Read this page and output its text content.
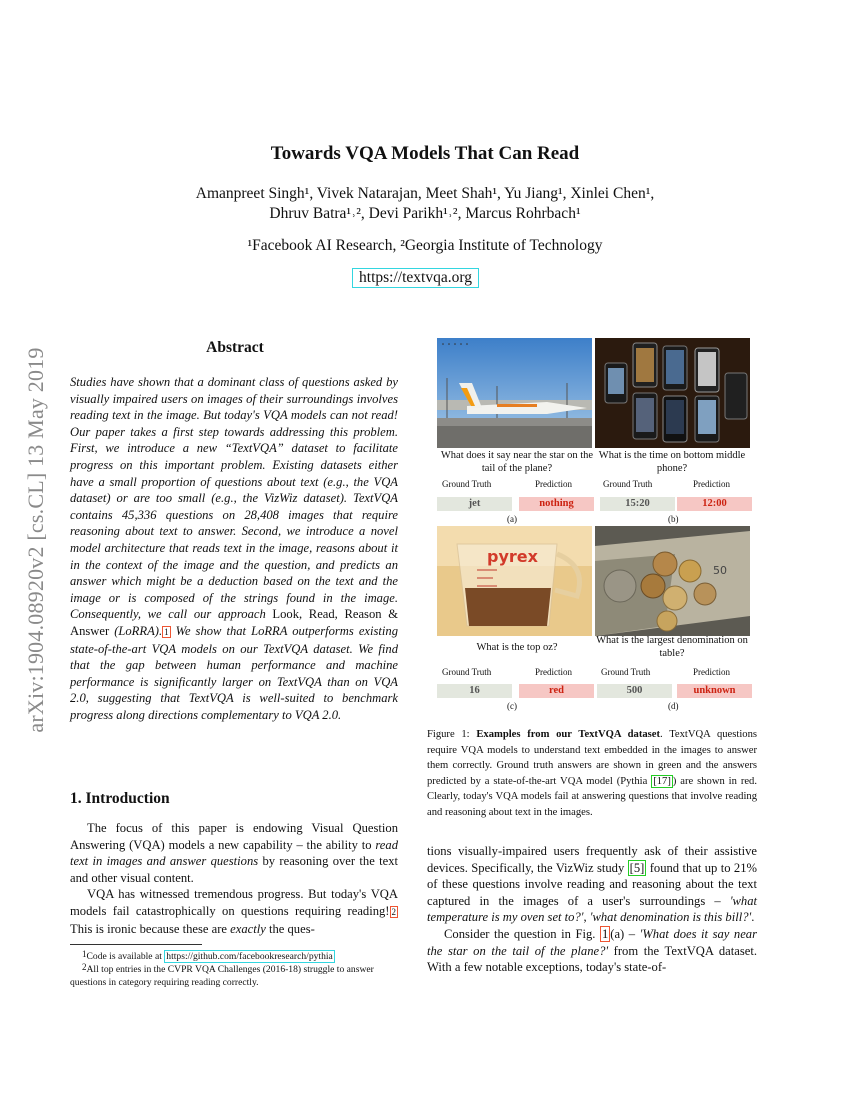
arXiv:1904.08920v2 [cs.CL] 13 May 2019
Towards VQA Models That Can Read
Amanpreet Singh¹, Vivek Natarajan, Meet Shah¹, Yu Jiang¹, Xinlei Chen¹,
Dhruv Batra¹˒², Devi Parikh¹˒², Marcus Rohrbach¹
¹Facebook AI Research, ²Georgia Institute of Technology
https://textvqa.org
Abstract
Studies have shown that a dominant class of questions asked by visually impaired users on images of their surroundings involves reading text in the image. But today's VQA models can not read! Our paper takes a first step towards addressing this problem. First, we introduce a new “TextVQA” dataset to facilitate progress on this important problem. Existing datasets either have a small proportion of questions about text (e.g., the VQA dataset) or are too small (e.g., the VizWiz dataset). TextVQA contains 45,336 questions on 28,408 images that require reasoning about text to answer. Second, we introduce a novel model architecture that reads text in the image, reasons about it in the context of the image and the question, and predicts an answer which might be a deduction based on the text and the image or is composed of the strings found in the image. Consequently, we call our approach Look, Read, Reason & Answer (LoRRA). 1 We show that LoRRA outperforms existing state-of-the-art VQA models on our TextVQA dataset. We find that the gap between human performance and machine performance is significantly larger on TextVQA than on VQA 2.0, suggesting that TextVQA is well-suited to benchmark progress along directions complementary to VQA 2.0.
1. Introduction

The focus of this paper is endowing Visual Question Answering (VQA) models a new capability – the ability to read text in images and answer questions by reasoning over the text and other visual content.

VQA has witnessed tremendous progress. But today's VQA models fail catastrophically on questions requiring reading! 2 This is ironic because these are exactly the ques-

$^1$Code is available at https://github.com/facebookresearch/pythia
$^2$All top entries in the CVPR VQA Challenges (2016-18) struggle to answer questions in category requiring reading correctly.
What does it say near the star on the tail of the plane?
Ground Truth	Prediction
jet	nothing
(a)
What is the time on bottom middle phone?
Ground Truth	Prediction
15:20	12:00
(b)
pyrex
What is the top oz?
Ground Truth	Prediction
16	red
(c)
50
What is the largest denomination on table?
Ground Truth	Prediction
500	unknown
(d)
Figure 1: Examples from our TextVQA dataset. TextVQA questions require VQA models to understand text embedded in the images to answer them correctly. Ground truth answers are shown in green and the answers predicted by a state-of-the-art VQA model (Pythia [17] ) are shown in red. Clearly, today's VQA models fail at answering questions that involve reading and reasoning about text in the images.

tions visually-impaired users frequently ask of their assistive devices. Specifically, the VizWiz study [5] found that up to 21% of these questions involve reading and reasoning about the text captured in the images of a user's surroundings – 'what temperature is my oven set to?', 'what denomination is this bill?'.

Consider the question in Fig. 1 (a) – 'What does it say near the star on the tail of the plane?' from the TextVQA dataset. With a few notable exceptions, today's state-of-
